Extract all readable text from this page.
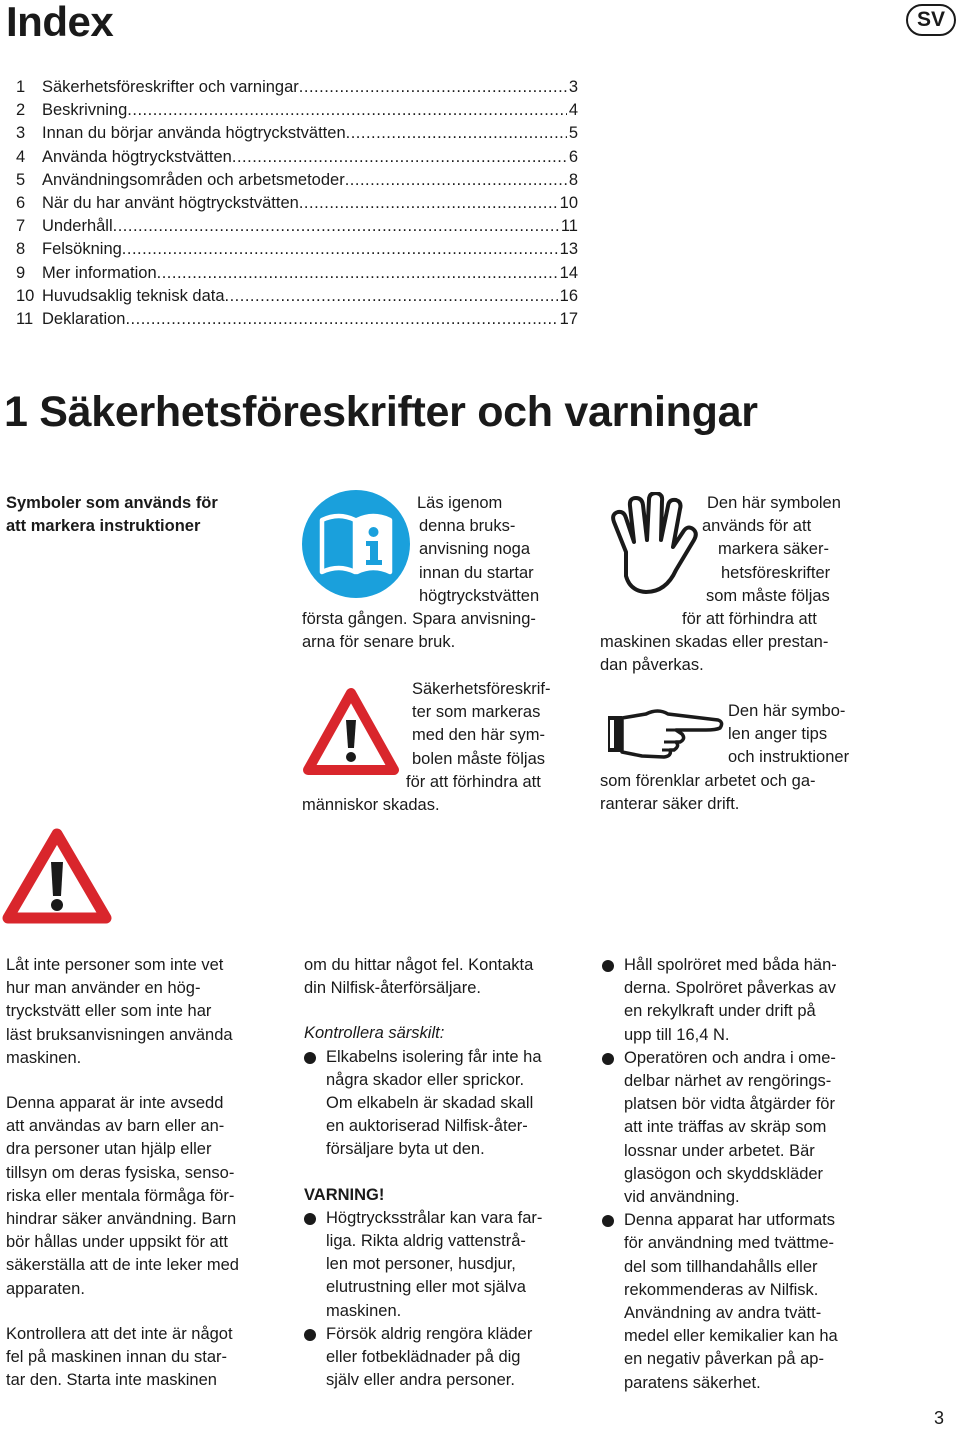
Index	SV
1	Säkerhetsföreskrifter och varningar .....	3
2	Beskrivning .....	4
3	Innan du börjar använda högtryckstvätten .....	5
4	Använda högtryckstvätten .....	6
5	Användningsområden och arbetsmetoder .....	8
6	När du har använt högtryckstvätten .....	10
7	Underhåll .....	11
8	Felsökning .....	13
9	Mer information .....	14
10 Huvudsaklig teknisk data .....	16
11 Deklaration .....	17
1 Säkerhetsföreskrifter och varningar

Symboler som används för

att markera instruktioner

Läs igenom

denna bruks-

anvisning noga

innan du startar

högtryckstvätten

första gången. Spara anvisning-

arna för senare bruk.

Säkerhetsföreskrif-

ter som markeras

med den här sym-

bolen måste följas

för att förhindra att

människor skadas.

Den här symbolen

används för att

markera säker-

hetsföreskrifter

som måste följas

för att förhindra att

maskinen skadas eller prestan-

dan påverkas.

Den här symbo-

len anger tips

och instruktioner

som förenklar arbetet och ga-

ranterar säker drift.

Låt inte personer som inte vet

hur man använder en hög-

tryckstvätt eller som inte har

läst bruksanvisningen använda

maskinen.

Denna apparat är inte avsedd

att användas av barn eller an-

dra personer utan hjälp eller

tillsyn om deras fysiska, senso-

riska eller mentala förmåga för-

hindrar säker användning. Barn

bör hållas under uppsikt för att

säkerställa att de inte leker med

apparaten.

Kontrollera att det inte är något

fel på maskinen innan du star-

tar den. Starta inte maskinen

om du hittar något fel. Kontakta

din Nilfisk-återförsäljare.

Kontrollera särskilt:

Elkabelns isolering får inte ha

några skador eller sprickor.

Om elkabeln är skadad skall

en auktoriserad Nilfisk-åter-

försäljare byta ut den.

VARNING!

Högtrycksstrålar kan vara far-

liga. Rikta aldrig vattenstrå-

len mot personer, husdjur,

elutrustning eller mot själva

maskinen.

Försök aldrig rengöra kläder

eller fotbeklädnader på dig

själv eller andra personer.

Håll spolröret med båda hän-

derna. Spolröret påverkas av

en rekylkraft under drift på

upp till 16,4 N.

Operatören och andra i ome-

delbar närhet av rengörings-

platsen bör vidta åtgärder för

att inte träffas av skräp som

lossnar under arbetet. Bär

glasögon och skyddskläder

vid användning.

Denna apparat har utformats

för användning med tvättme-

del som tillhandahålls eller

rekommenderas av Nilfisk.

Användning av andra tvätt-

medel eller kemikalier kan ha

en negativ påverkan på ap-

paratens säkerhet.

3
